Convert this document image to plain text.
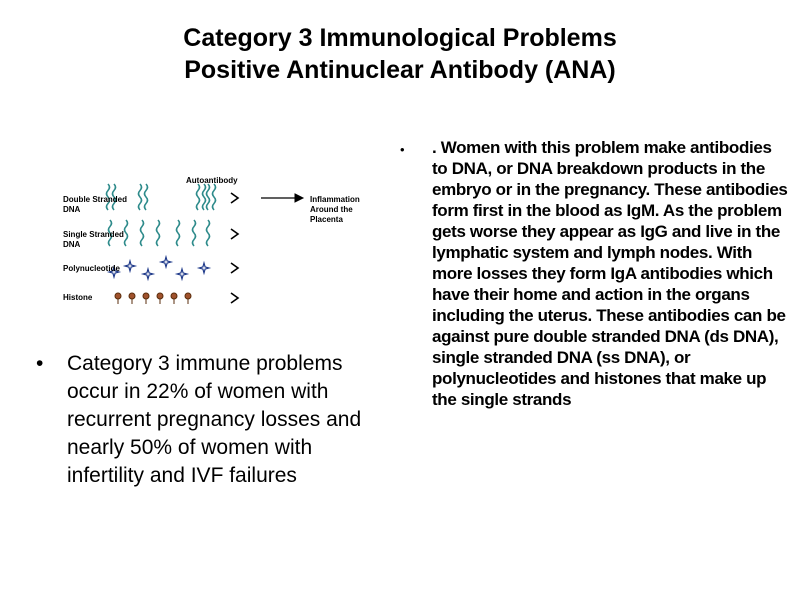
Category 3 Immunological Problems
Positive Antinuclear Antibody (ANA)
Autoantibody
Double Stranded
DNA
Single Stranded
DNA
Polynucleotide
Histone
Inflammation
Around the
Placenta
• Category 3 immune problems occur in 22% of women with recurrent pregnancy losses and nearly 50% of women with infertility and IVF failures
• . Women with this problem make antibodies to DNA, or DNA breakdown products in the embryo or in the pregnancy. These antibodies form first in the blood as IgM. As the problem gets worse they appear as IgG and live in the lymphatic system and lymph nodes. With more losses they form IgA antibodies which have their home and action in the organs including the uterus. These antibodies can be against pure double stranded DNA (ds DNA), single stranded DNA (ss DNA), or polynucleotides and histones that make up the single strands
